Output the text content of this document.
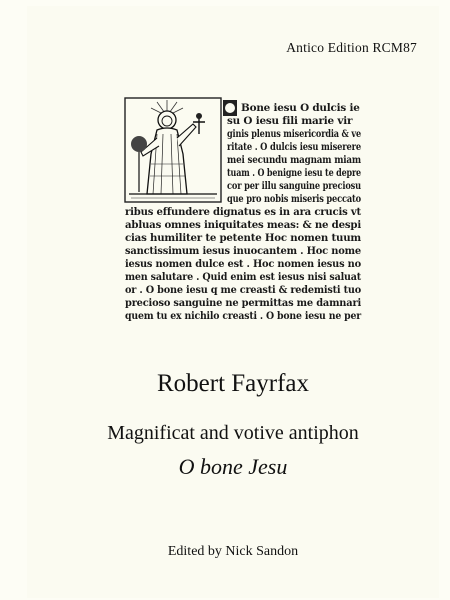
Antico Edition RCM87
Bone iesu O dulcis ie
su O iesu fili marie vir
ginis plenus misericordia & ve
ritate . O dulcis iesu miserere
mei secundu magnam miam
tuam . O benigne iesu te depre
cor per illu sanguine preciosu
que pro nobis miseris peccato
ribus effundere dignatus es in ara crucis vt
abluas omnes iniquitates meas: & ne despi
cias humiliter te petente Hoc nomen tuum
sanctissimum iesus inuocantem . Hoc nome
iesus nomen dulce est . Hoc nomen iesus no
men salutare . Quid enim est iesus nisi saluat
or . O bone iesu q me creasti & redemisti tuo
precioso sanguine ne permittas me damnari
quem tu ex nichilo creasti . O bone iesu ne per
Robert Fayrfax
Magnificat and votive antiphon
O bone Jesu
Edited by Nick Sandon
